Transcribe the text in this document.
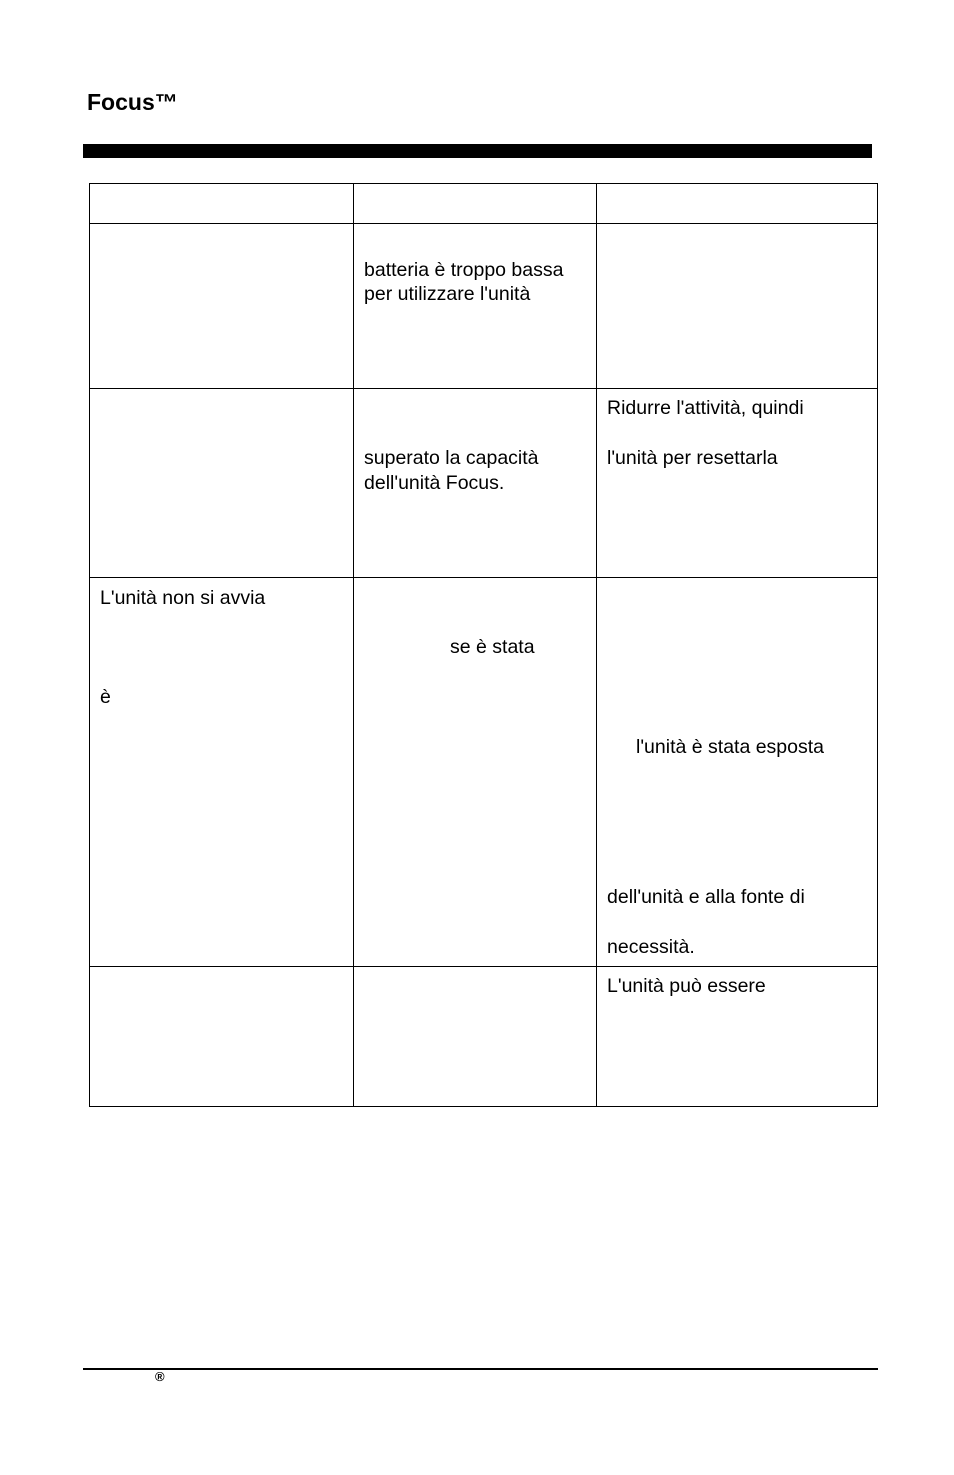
Focus™
batteria è troppo bassa
per utilizzare l'unità
Ridurre l'attività, quindi
superato la capacità	l'unità per resettarla
dell'unità Focus.
L'unità non si avvia
se è stata
è
l'unità è stata esposta
dell'unità e alla fonte di
necessità.
L'unità può essere
®
